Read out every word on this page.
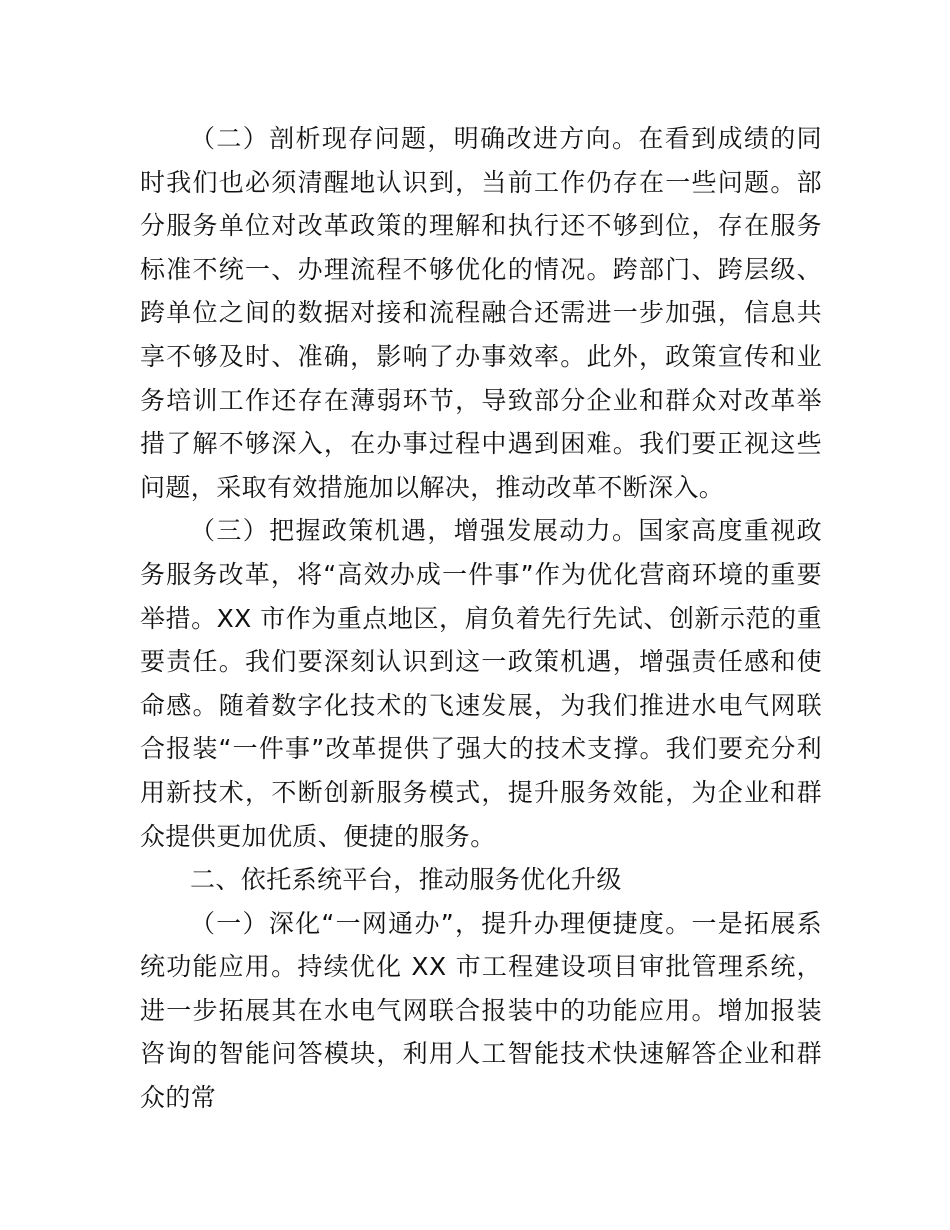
（二）剖析现存问题，明确改进方向。在看到成绩的同时我们也必须清醒地认识到，当前工作仍存在一些问题。部分服务单位对改革政策的理解和执行还不够到位，存在服务标准不统一、办理流程不够优化的情况。跨部门、跨层级、跨单位之间的数据对接和流程融合还需进一步加强，信息共享不够及时、准确，影响了办事效率。此外，政策宣传和业务培训工作还存在薄弱环节，导致部分企业和群众对改革举措了解不够深入，在办事过程中遇到困难。我们要正视这些问题，采取有效措施加以解决，推动改革不断深入。

（三）把握政策机遇，增强发展动力。国家高度重视政务服务改革，将“高效办成一件事”作为优化营商环境的重要举措。XX 市作为重点地区，肩负着先行先试、创新示范的重要责任。我们要深刻认识到这一政策机遇，增强责任感和使命感。随着数字化技术的飞速发展，为我们推进水电气网联合报装“一件事”改革提供了强大的技术支撑。我们要充分利用新技术，不断创新服务模式，提升服务效能，为企业和群众提供更加优质、便捷的服务。

二、依托系统平台，推动服务优化升级

（一）深化“一网通办”，提升办理便捷度。一是拓展系统功能应用。持续优化 XX 市工程建设项目审批管理系统，进一步拓展其在水电气网联合报装中的功能应用。增加报装咨询的智能问答模块，利用人工智能技术快速解答企业和群众的常
